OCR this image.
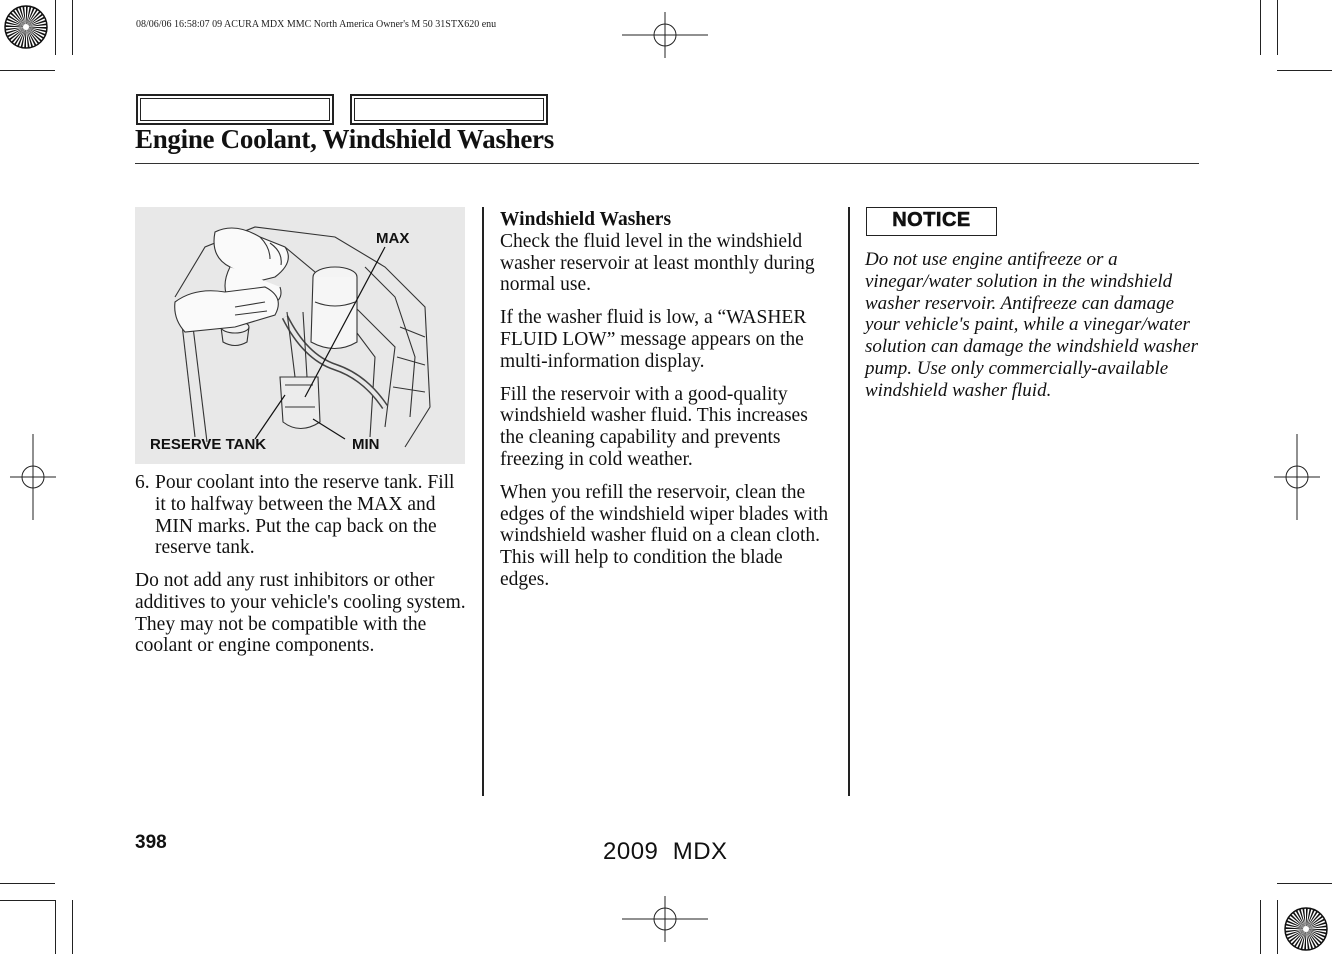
08/06/06 16:58:07 09 ACURA MDX MMC North America Owner's M 50 31STX620 enu
Engine Coolant, Windshield Washers
MAX
RESERVE TANK	MIN
6. Pour coolant into the reserve tank. Fill it to halfway between the MAX and MIN marks. Put the cap back on the reserve tank.
Do not add any rust inhibitors or other additives to your vehicle's cooling system. They may not be compatible with the coolant or engine components.
Windshield Washers

Check the fluid level in the windshield washer reservoir at least monthly during normal use.

If the washer fluid is low, a “WASHER FLUID LOW” message appears on the multi-information display.

Fill the reservoir with a good-quality windshield washer fluid. This increases the cleaning capability and prevents freezing in cold weather.

When you refill the reservoir, clean the edges of the windshield wiper blades with windshield washer fluid on a clean cloth. This will help to condition the blade edges.

NOTICE
Do not use engine antifreeze or a vinegar/water solution in the windshield washer reservoir. Antifreeze can damage your vehicle's paint, while a vinegar/water solution can damage the windshield washer pump. Use only commercially-available windshield washer fluid.
398	2009  MDX
